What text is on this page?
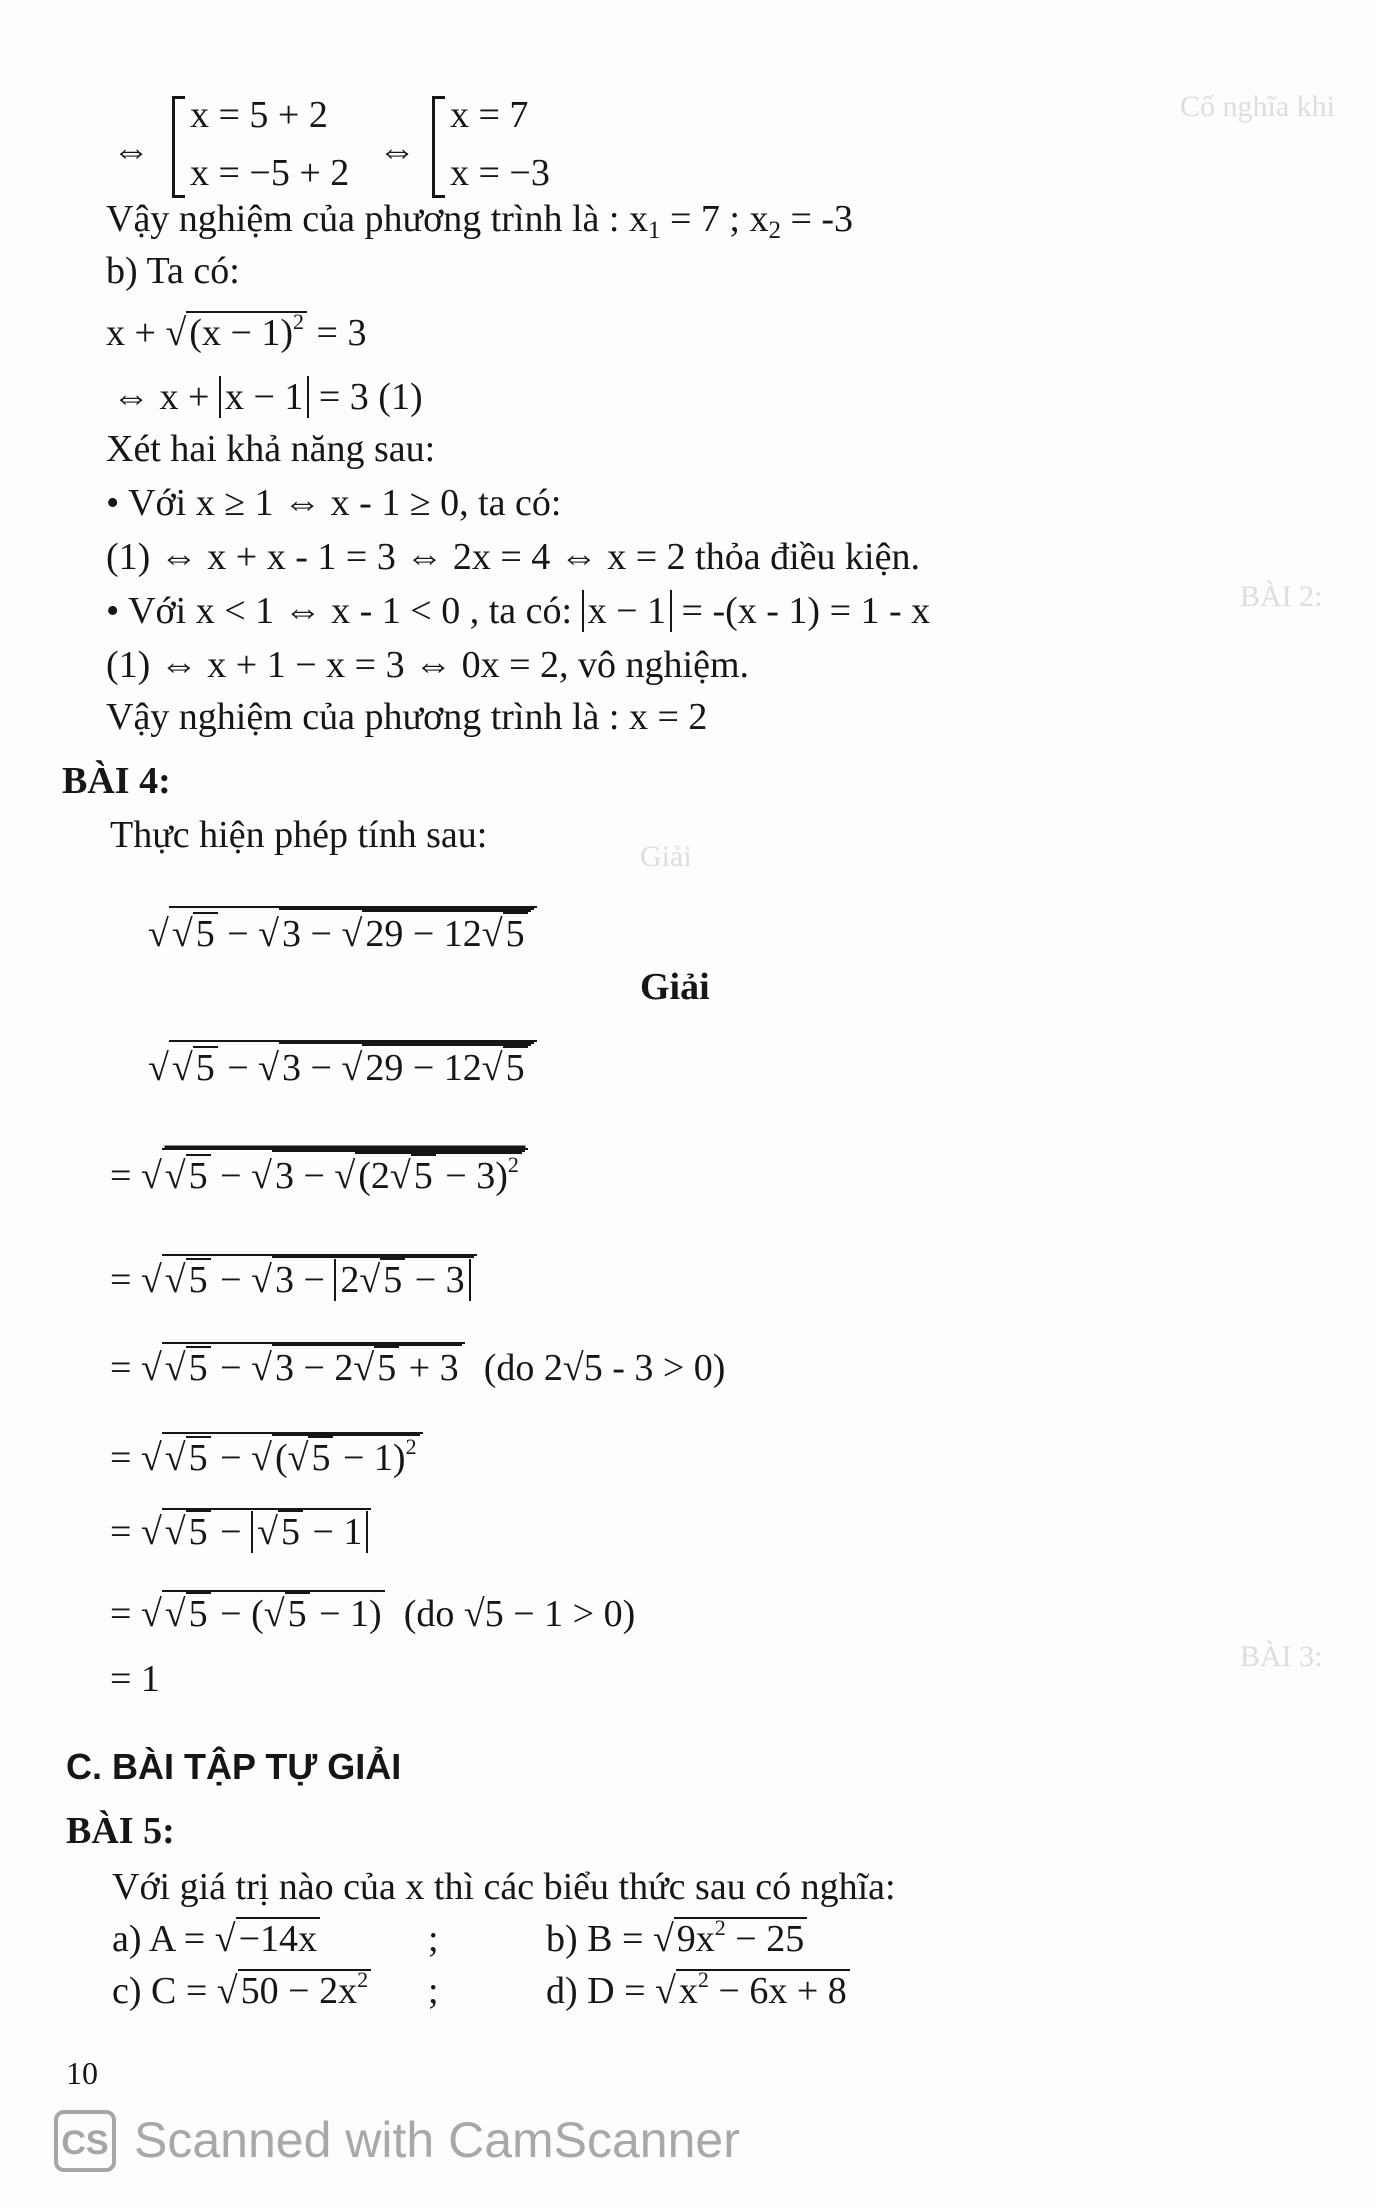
Cố nghĩa khi
BÀI 2:
Giải
BÀI 3:
⇔
x = 5 + 2
x = −5 + 2
⇔
x = 7
x = −3
Vậy nghiệm của phương trình là : $x_1 = 7$ ; $x_2 = -3$
b) Ta có:
$x + √(x - 1)^2 = 3$
⇔ x + x − 1 = 3 (1)
Xét hai khả năng sau:
• Với x ≥ 1 ⇔ x - 1 ≥ 0, ta có:
(1) ⇔ x + x - 1 = 3 ⇔ 2x = 4 ⇔ x = 2 thỏa điều kiện.
• Với x < 1 ⇔ x - 1 < 0 , ta có: x − 1 = -(x - 1) = 1 - x
(1) ⇔ x + 1 − x = 3 ⇔ 0x = 2, vô nghiệm.
Vậy nghiệm của phương trình là : x = 2
BÀI 4:
Thực hiện phép tính sau:
√√5 − √3 − √29 − 12√5
Giải
√√5 − √3 − √29 − 12√5
= $√√5 - √3 - √(2√5 - 3)^2$
= √√5 − √3 − 2√5 − 3
= √√5 − √3 − 2√5 + 3 (do 2√5 - 3 > 0)
= $√√5 - √(√5 - 1)^2$
= √√5 − √5 − 1
= √√5 − (√5 − 1) (do √5 − 1 > 0)
= 1
C. BÀI TẬP TỰ GIẢI
BÀI 5:
Với giá trị nào của x thì các biểu thức sau có nghĩa:
a) A = √−14x	;	b) $B = √9x^2 - 25$
c) $C = √50 - 2x^2$ ;	d) $D = √x^2 - 6x + 8$
10
CS Scanned with CamScanner
